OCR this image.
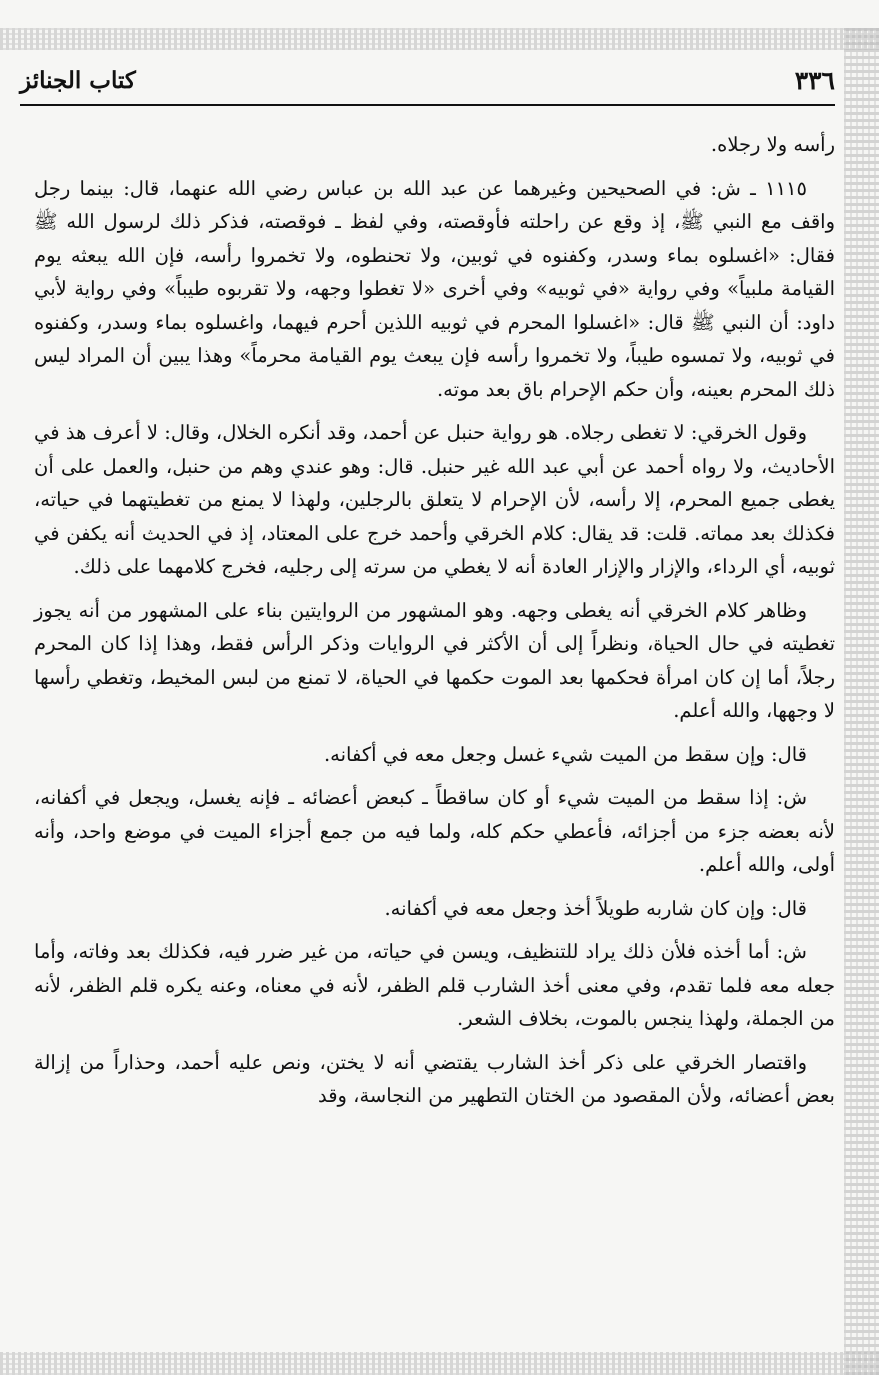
٣٣٦
كتاب الجنائز

رأسه ولا رجلاه.

١١١٥ ـ ش: في الصحيحين وغيرهما عن عبد الله بن عباس رضي الله عنهما، قال: بينما رجل واقف مع النبي ﷺ، إذ وقع عن راحلته فأوقصته، وفي لفظ ـ فوقصته، فذكر ذلك لرسول الله ﷺ فقال: «اغسلوه بماء وسدر، وكفنوه في ثوبين، ولا تحنطوه، ولا تخمروا رأسه، فإن الله يبعثه يوم القيامة ملبياً» وفي رواية «في ثوبيه» وفي أخرى «لا تغطوا وجهه، ولا تقربوه طيباً» وفي رواية لأبي داود: أن النبي ﷺ قال: «اغسلوا المحرم في ثوبيه اللذين أحرم فيهما، واغسلوه بماء وسدر، وكفنوه في ثوبيه، ولا تمسوه طيباً، ولا تخمروا رأسه فإن يبعث يوم القيامة محرماً» وهذا يبين أن المراد ليس ذلك المحرم بعينه، وأن حكم الإحرام باق بعد موته.

وقول الخرقي: لا تغطى رجلاه. هو رواية حنبل عن أحمد، وقد أنكره الخلال، وقال: لا أعرف هذ في الأحاديث، ولا رواه أحمد عن أبي عبد الله غير حنبل. قال: وهو عندي وهم من حنبل، والعمل على أن يغطى جميع المحرم، إلا رأسه، لأن الإحرام لا يتعلق بالرجلين، ولهذا لا يمنع من تغطيتهما في حياته، فكذلك بعد مماته. قلت: قد يقال: كلام الخرقي وأحمد خرج على المعتاد، إذ في الحديث أنه يكفن في ثوبيه، أي الرداء، والإزار والإزار العادة أنه لا يغطي من سرته إلى رجليه، فخرج كلامهما على ذلك.

وظاهر كلام الخرقي أنه يغطى وجهه. وهو المشهور من الروايتين بناء على المشهور من أنه يجوز تغطيته في حال الحياة، ونظراً إلى أن الأكثر في الروايات وذكر الرأس فقط، وهذا إذا كان المحرم رجلاً، أما إن كان امرأة فحكمها بعد الموت حكمها في الحياة، لا تمنع من لبس المخيط، وتغطي رأسها لا وجهها، والله أعلم.

قال: وإن سقط من الميت شيء غسل وجعل معه في أكفانه.

ش: إذا سقط من الميت شيء أو كان ساقطاً ـ كبعض أعضائه ـ فإنه يغسل، ويجعل في أكفانه، لأنه بعضه جزء من أجزائه، فأعطي حكم كله، ولما فيه من جمع أجزاء الميت في موضع واحد، وأنه أولى، والله أعلم.

قال: وإن كان شاربه طويلاً أخذ وجعل معه في أكفانه.

ش: أما أخذه فلأن ذلك يراد للتنظيف، ويسن في حياته، من غير ضرر فيه، فكذلك بعد وفاته، وأما جعله معه فلما تقدم، وفي معنى أخذ الشارب قلم الظفر، لأنه في معناه، وعنه يكره قلم الظفر، لأنه من الجملة، ولهذا ينجس بالموت، بخلاف الشعر.

واقتصار الخرقي على ذكر أخذ الشارب يقتضي أنه لا يختن، ونص عليه أحمد، وحذاراً من إزالة بعض أعضائه، ولأن المقصود من الختان التطهير من النجاسة، وقد
